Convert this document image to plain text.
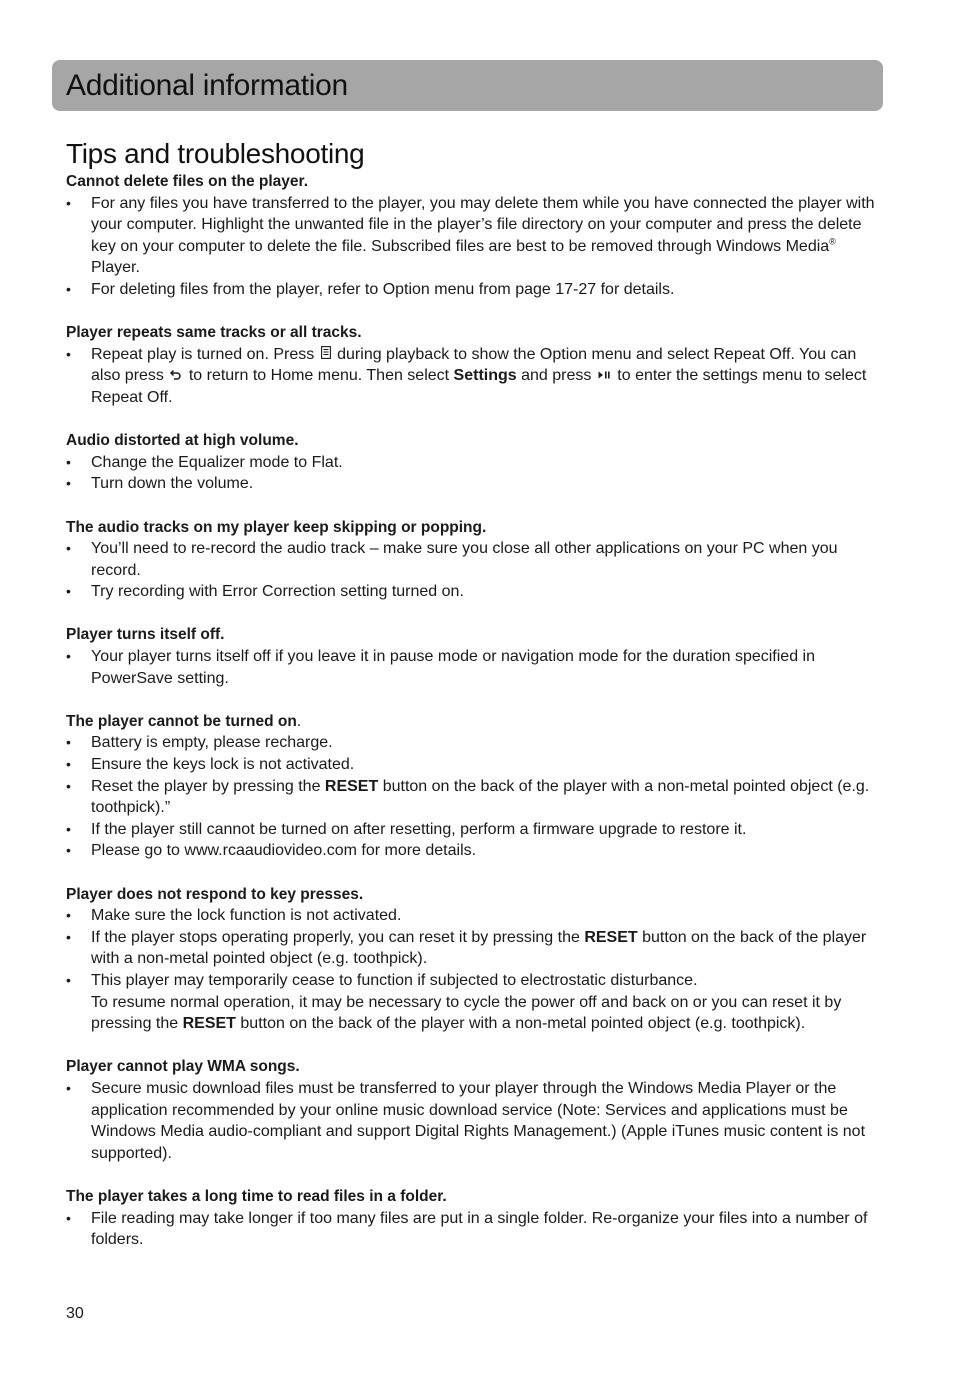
Additional information
Tips and troubleshooting

Cannot delete files on the player.

• For any files you have transferred to the player, you may delete them while you have connected the player with your computer. Highlight the unwanted file in the player’s file directory on your computer and press the delete key on your computer to delete the file. Subscribed files are best to be removed through Windows Media® Player.
• For deleting files from the player, refer to Option menu from page 17-27 for details.

Player repeats same tracks or all tracks.

• Repeat play is turned on. Press  during playback to show the Option menu and select Repeat Off. You can also press  to return to Home menu. Then select Settings and press  to enter the settings menu to select Repeat Off.

Audio distorted at high volume.

• Change the Equalizer mode to Flat.
• Turn down the volume.

The audio tracks on my player keep skipping or popping.

• You’ll need to re-record the audio track – make sure you close all other applications on your PC when you record.
• Try recording with Error Correction setting turned on.

Player turns itself off.

• Your player turns itself off if you leave it in pause mode or navigation mode for the duration specified in PowerSave setting.

The player cannot be turned on.

• Battery is empty, please recharge.
• Ensure the keys lock is not activated.
• Reset the player by pressing the RESET button on the back of the player with a non-metal pointed object (e.g. toothpick).”
• If the player still cannot be turned on after resetting, perform a firmware upgrade to restore it.
• Please go to www.rcaaudiovideo.com for more details.

Player does not respond to key presses.

• Make sure the lock function is not activated.
• If the player stops operating properly, you can reset it by pressing the RESET button on the back of the player with a non-metal pointed object (e.g. toothpick).
• This player may temporarily cease to function if subjected to electrostatic disturbance.
To resume normal operation, it may be necessary to cycle the power off and back on or you can reset it by pressing the RESET button on the back of the player with a non-metal pointed object (e.g. toothpick).

Player cannot play WMA songs.

• Secure music download files must be transferred to your player through the Windows Media Player or the application recommended by your online music download service (Note: Services and applications must be Windows Media audio-compliant and support Digital Rights Management.) (Apple iTunes music content is not supported).

The player takes a long time to read files in a folder.

• File reading may take longer if too many files are put in a single folder. Re-organize your files into a number of folders.
30
